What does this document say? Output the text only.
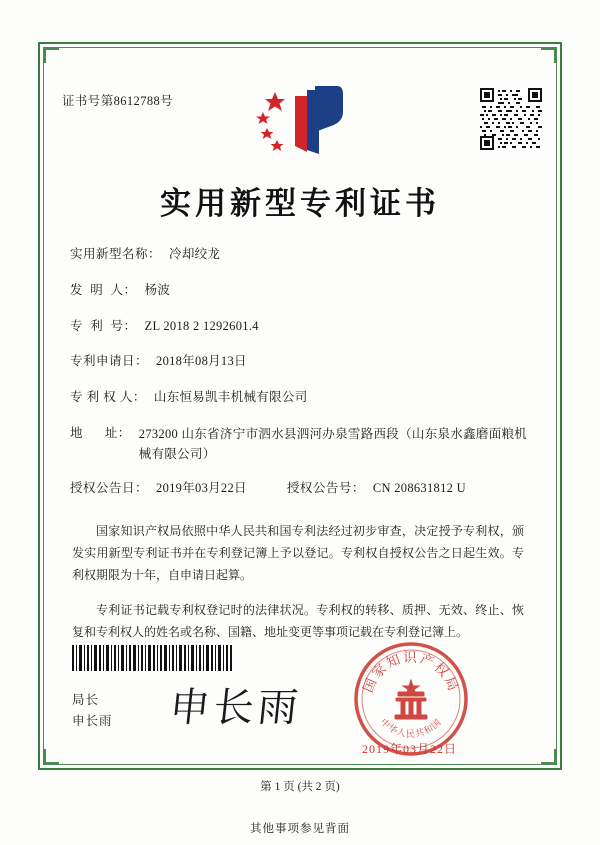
证书号第8612788号
实用新型专利证书
实用新型名称： 冷却绞龙
发  明  人： 杨波
专  利  号： ZL 2018 2 1292601.4
专利申请日： 2018年08月13日
专 利 权 人： 山东恒易凯丰机械有限公司
地      址： 273200 山东省济宁市泗水县泗河办泉雪路西段（山东泉水鑫磨面粮机械有限公司）
授权公告日： 2019年03月22日	授权公告号： CN 208631812 U

国家知识产权局依照中华人民共和国专利法经过初步审查，决定授予专利权，颁发实用新型专利证书并在专利登记簿上予以登记。专利权自授权公告之日起生效。专利权期限为十年，自申请日起算。

专利证书记载专利权登记时的法律状况。专利权的转移、质押、无效、终止、恢复和专利权人的姓名或名称、国籍、地址变更等事项记载在专利登记簿上。

局长
申长雨 申长雨
国家知识产权局
中华人民共和国
2019年03月22日
第 1 页 (共 2 页)
其他事项参见背面
